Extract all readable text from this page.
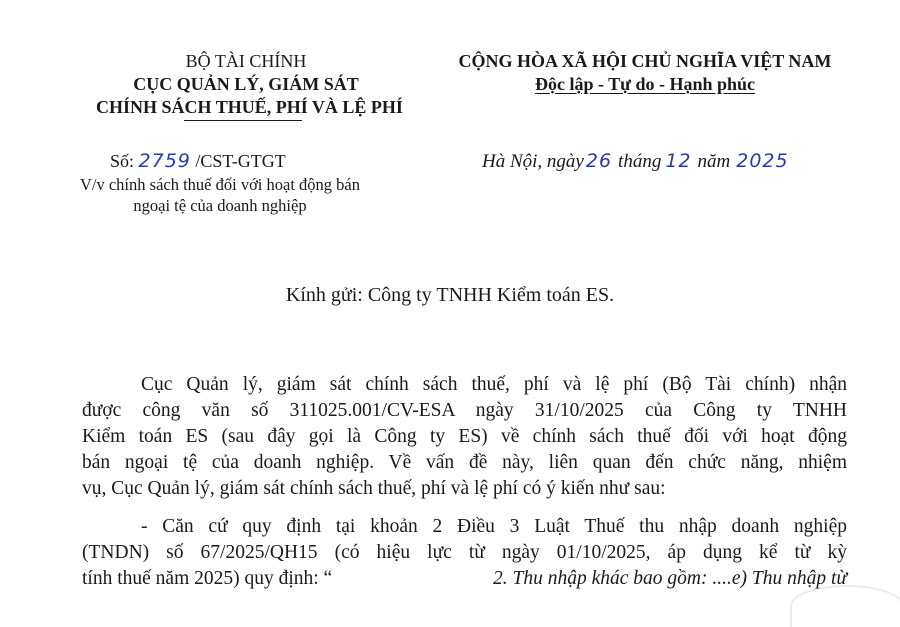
BỘ TÀI CHÍNH
CỤC QUẢN LÝ, GIÁM SÁT
CHÍNH SÁCH THUẾ, PHÍ VÀ LỆ PHÍ
CỘNG HÒA XÃ HỘI CHỦ NGHĨA VIỆT NAM
Độc lập - Tự do - Hạnh phúc
Số: 2759 /CST-GTGT
V/v chính sách thuế đối với hoạt động bán
ngoại tệ của doanh nghiệp
Hà Nội, ngày 26 tháng 12 năm 2025
Kính gửi: Công ty TNHH Kiểm toán ES.
Cục Quản lý, giám sát chính sách thuế, phí và lệ phí (Bộ Tài chính) nhận
được công văn số 311025.001/CV-ESA ngày 31/10/2025 của Công ty TNHH
Kiểm toán ES (sau đây gọi là Công ty ES) về chính sách thuế đối với hoạt động
bán ngoại tệ của doanh nghiệp. Về vấn đề này, liên quan đến chức năng, nhiệm
vụ, Cục Quản lý, giám sát chính sách thuế, phí và lệ phí có ý kiến như sau:
- Căn cứ quy định tại khoản 2 Điều 3 Luật Thuế thu nhập doanh nghiệp
(TNDN) số 67/2025/QH15 (có hiệu lực từ ngày 01/10/2025, áp dụng kể từ kỳ
tính thuế năm 2025) quy định: “	2. Thu nhập khác bao gồm: ....e) Thu nhập từ
